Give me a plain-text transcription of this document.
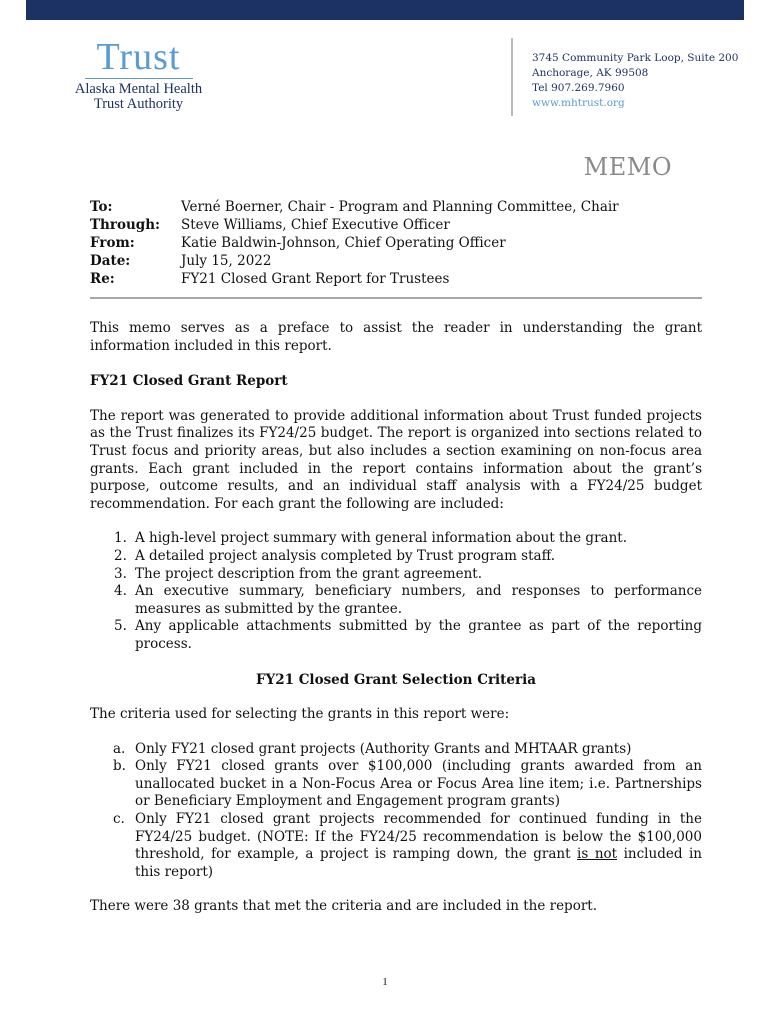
Trust
Alaska Mental Health
Trust Authority
3745 Community Park Loop, Suite 200
Anchorage, AK 99508
Tel 907.269.7960
www.mhtrust.org
MEMO
To:	Verné Boerner, Chair - Program and Planning Committee, Chair
Through:	Steve Williams, Chief Executive Officer
From:	Katie Baldwin-Johnson, Chief Operating Officer
Date:	July 15, 2022
Re:	FY21 Closed Grant Report for Trustees

This memo serves as a preface to assist the reader in understanding the grant information included in this report.

FY21 Closed Grant Report

The report was generated to provide additional information about Trust funded projects as the Trust finalizes its FY24/25 budget. The report is organized into sections related to Trust focus and priority areas, but also includes a section examining on non-focus area grants. Each grant included in the report contains information about the grant’s purpose, outcome results, and an individual staff analysis with a FY24/25 budget recommendation. For each grant the following are included:

1. A high-level project summary with general information about the grant.
2. A detailed project analysis completed by Trust program staff.
3. The project description from the grant agreement.
4. An executive summary, beneficiary numbers, and responses to performance measures as submitted by the grantee.
5. Any applicable attachments submitted by the grantee as part of the reporting process.
FY21 Closed Grant Selection Criteria

The criteria used for selecting the grants in this report were:

a. Only FY21 closed grant projects (Authority Grants and MHTAAR grants)
b. Only FY21 closed grants over $100,000 (including grants awarded from an unallocated bucket in a Non-Focus Area or Focus Area line item; i.e. Partnerships or Beneficiary Employment and Engagement program grants)
c. Only FY21 closed grant projects recommended for continued funding in the FY24/25 budget. (NOTE: If the FY24/25 recommendation is below the $100,000 threshold, for example, a project is ramping down, the grant is not included in this report)

There were 38 grants that met the criteria and are included in the report.

1
